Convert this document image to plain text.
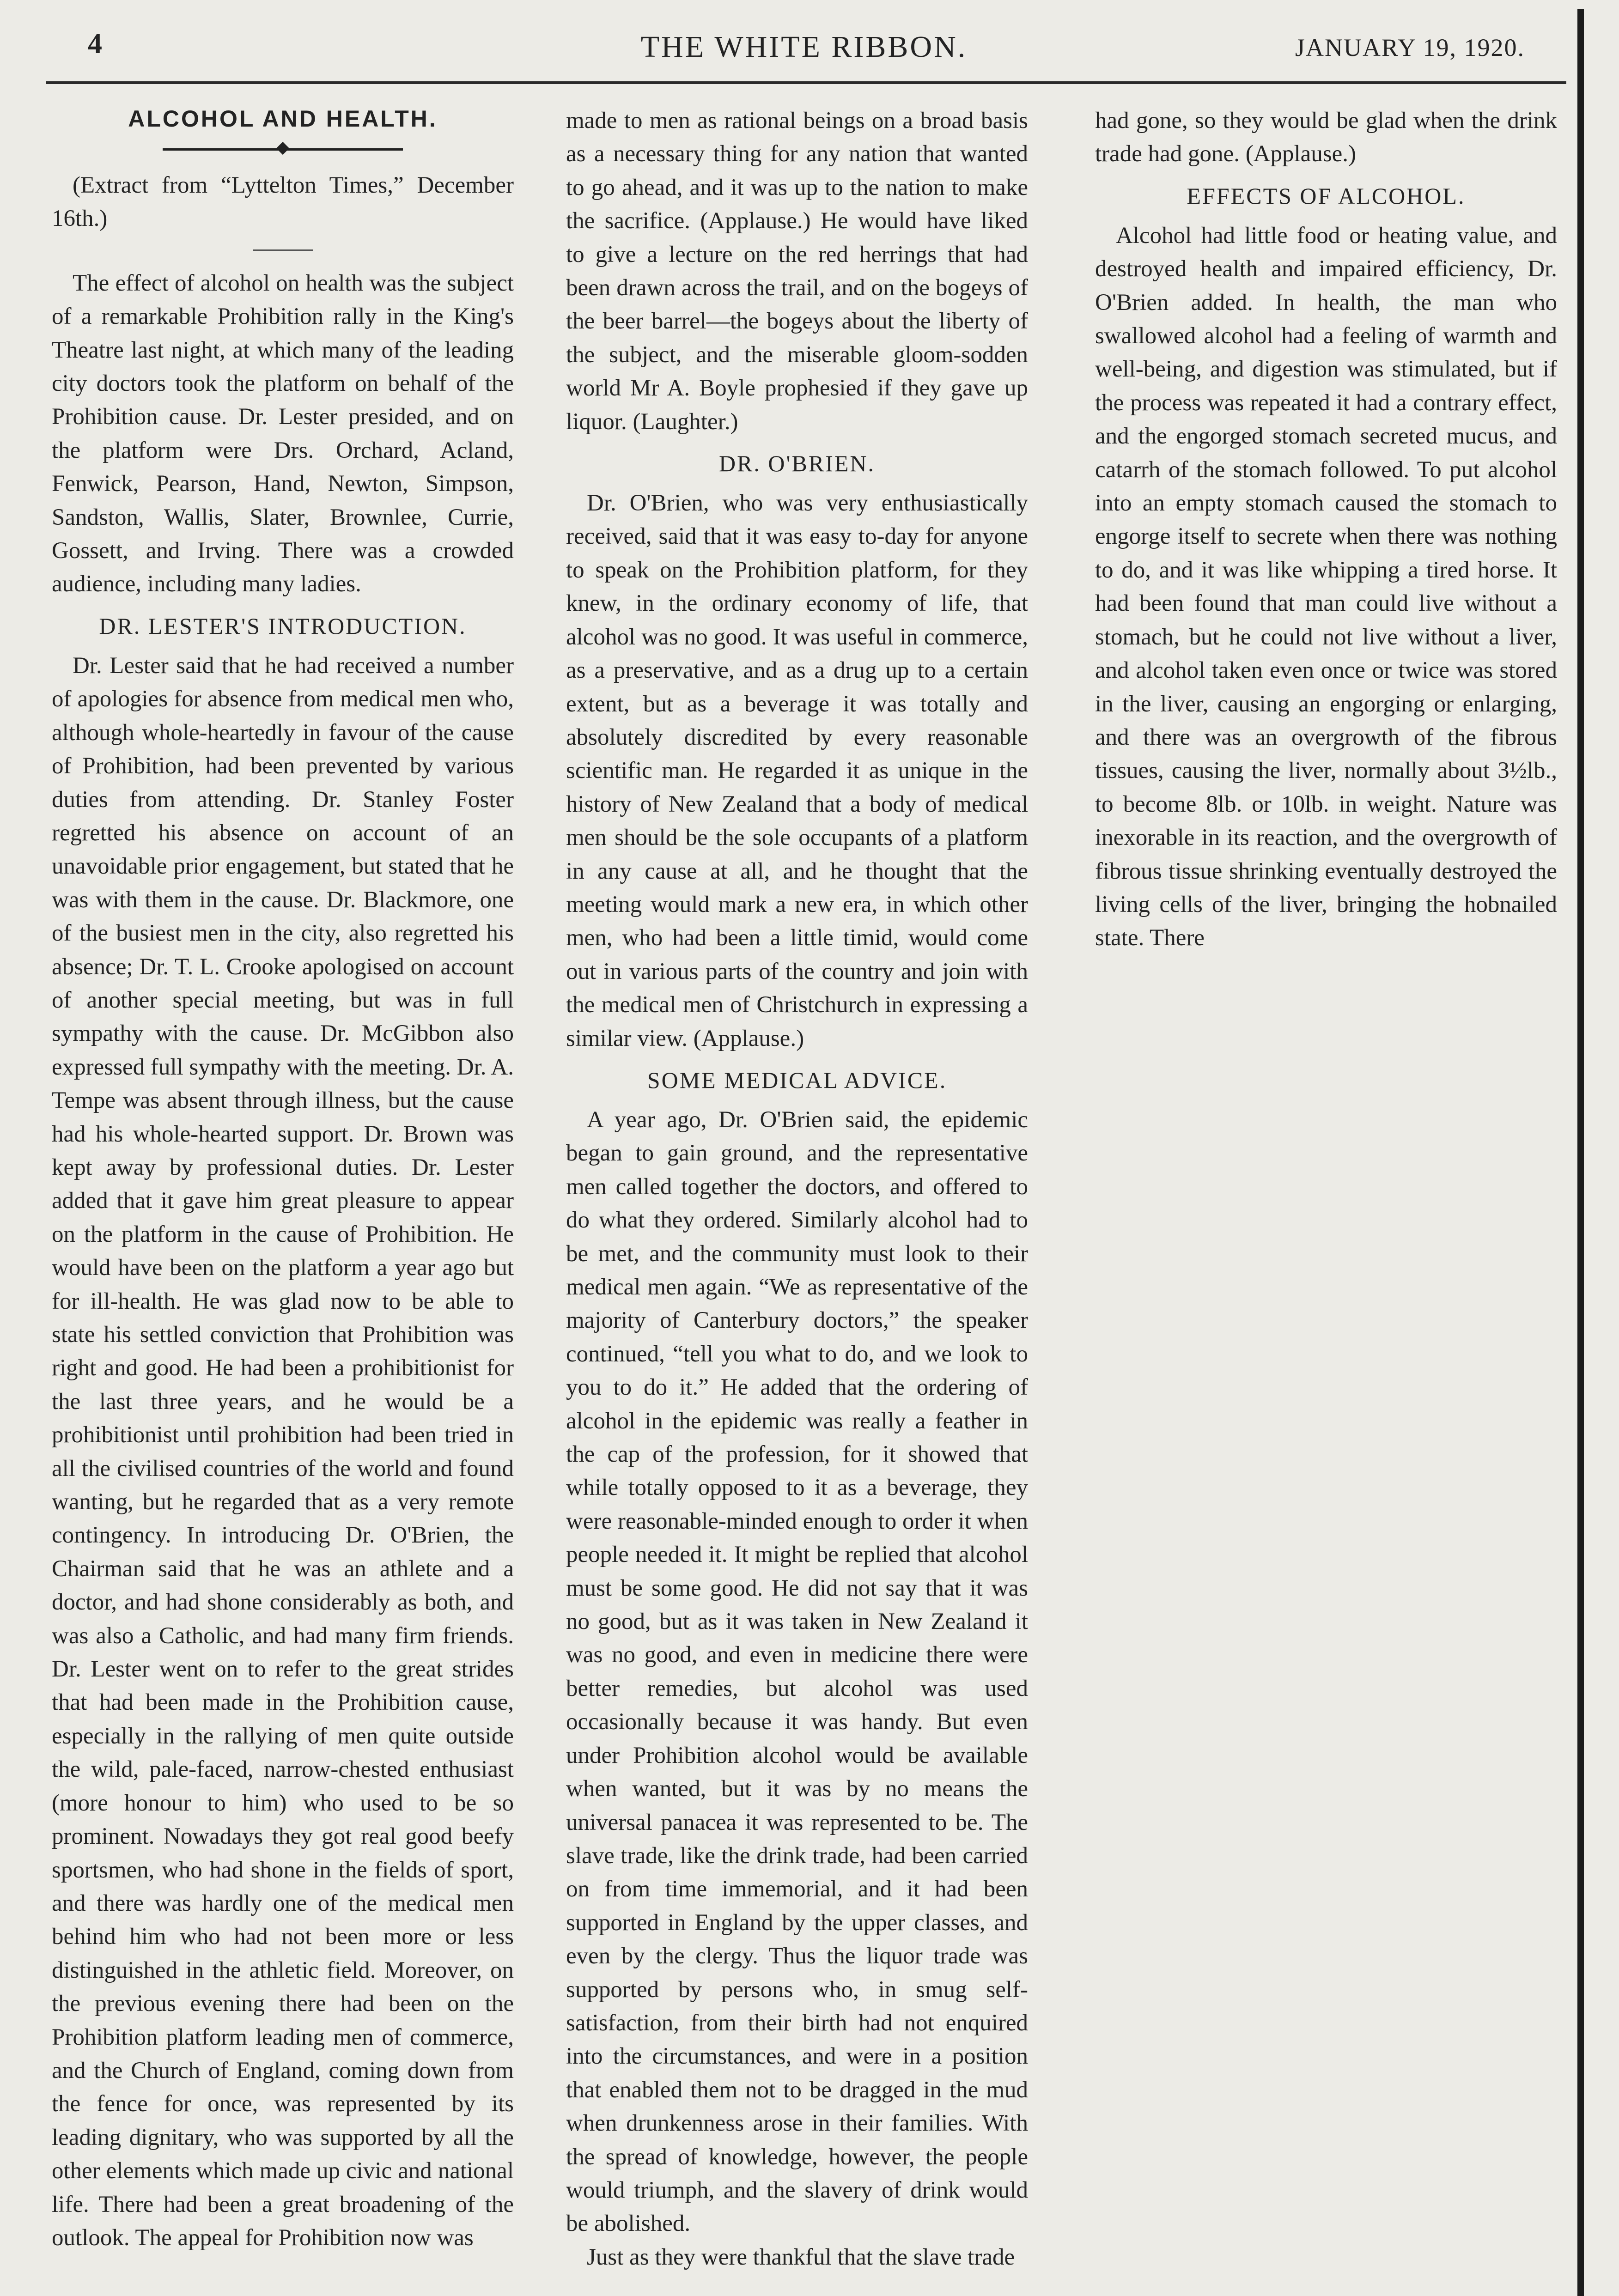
4	THE WHITE RIBBON.	JANUARY 19, 1920.
ALCOHOL AND HEALTH.

(Extract from “Lyttelton Times,” December 16th.)

The effect of alcohol on health was the subject of a remarkable Prohibition rally in the King's Theatre last night, at which many of the leading city doctors took the platform on behalf of the Prohibition cause. Dr. Lester presided, and on the platform were Drs. Orchard, Acland, Fenwick, Pearson, Hand, Newton, Simpson, Sandston, Wallis, Slater, Brownlee, Currie, Gossett, and Irving. There was a crowded audience, including many ladies.

DR. LESTER'S INTRODUCTION.

Dr. Lester said that he had received a number of apologies for absence from medical men who, although whole-heartedly in favour of the cause of Prohibition, had been prevented by various duties from attending. Dr. Stanley Foster regretted his absence on account of an unavoidable prior engagement, but stated that he was with them in the cause. Dr. Blackmore, one of the busiest men in the city, also regretted his absence; Dr. T. L. Crooke apologised on account of another special meeting, but was in full sympathy with the cause. Dr. McGibbon also expressed full sympathy with the meeting. Dr. A. Tempe was absent through illness, but the cause had his whole-hearted support. Dr. Brown was kept away by professional duties. Dr. Lester added that it gave him great pleasure to appear on the platform in the cause of Prohibition. He would have been on the platform a year ago but for ill-health. He was glad now to be able to state his settled conviction that Prohibition was right and good. He had been a prohibitionist for the last three years, and he would be a prohibitionist until prohibition had been tried in all the civilised countries of the world and found wanting, but he regarded that as a very remote contingency. In introducing Dr. O'Brien, the Chairman said that he was an athlete and a doctor, and had shone considerably as both, and was also a Catholic, and had many firm friends. Dr. Lester went on to refer to the great strides that had been made in the Prohibition cause, especially in the rallying of men quite outside the wild, pale-faced, narrow-chested enthusiast (more honour to him) who used to be so prominent. Nowadays they got real good beefy sportsmen, who had shone in the fields of sport, and there was hardly one of the medical men behind him who had not been more or less distinguished in the athletic field. Moreover, on the previous evening there had been on the Prohibition platform leading men of commerce, and the Church of England, coming down from the fence for once, was represented by its leading dignitary, who was supported by all the other elements which made up civic and national life. There had been a great broadening of the outlook. The appeal for Prohibition now was

made to men as rational beings on a broad basis as a necessary thing for any nation that wanted to go ahead, and it was up to the nation to make the sacrifice. (Applause.) He would have liked to give a lecture on the red herrings that had been drawn across the trail, and on the bogeys of the beer barrel—the bogeys about the liberty of the subject, and the miserable gloom-sodden world Mr A. Boyle prophesied if they gave up liquor. (Laughter.)

DR. O'BRIEN.

Dr. O'Brien, who was very enthusiastically received, said that it was easy to-day for anyone to speak on the Prohibition platform, for they knew, in the ordinary economy of life, that alcohol was no good. It was useful in commerce, as a preservative, and as a drug up to a certain extent, but as a beverage it was totally and absolutely discredited by every reasonable scientific man. He regarded it as unique in the history of New Zealand that a body of medical men should be the sole occupants of a platform in any cause at all, and he thought that the meeting would mark a new era, in which other men, who had been a little timid, would come out in various parts of the country and join with the medical men of Christchurch in expressing a similar view. (Applause.)

SOME MEDICAL ADVICE.

A year ago, Dr. O'Brien said, the epidemic began to gain ground, and the representative men called together the doctors, and offered to do what they ordered. Similarly alcohol had to be met, and the community must look to their medical men again. “We as representative of the majority of Canterbury doctors,” the speaker continued, “tell you what to do, and we look to you to do it.” He added that the ordering of alcohol in the epidemic was really a feather in the cap of the profession, for it showed that while totally opposed to it as a beverage, they were reasonable-minded enough to order it when people needed it. It might be replied that alcohol must be some good. He did not say that it was no good, but as it was taken in New Zealand it was no good, and even in medicine there were better remedies, but alcohol was used occasionally because it was handy. But even under Prohibition alcohol would be available when wanted, but it was by no means the universal panacea it was represented to be. The slave trade, like the drink trade, had been carried on from time immemorial, and it had been supported in England by the upper classes, and even by the clergy. Thus the liquor trade was supported by persons who, in smug self-satisfaction, from their birth had not enquired into the circumstances, and were in a position that enabled them not to be dragged in the mud when drunkenness arose in their families. With the spread of knowledge, however, the people would triumph, and the slavery of drink would be abolished.

Just as they were thankful that the slave trade

had gone, so they would be glad when the drink trade had gone. (Applause.)

EFFECTS OF ALCOHOL.

Alcohol had little food or heating value, and destroyed health and impaired efficiency, Dr. O'Brien added. In health, the man who swallowed alcohol had a feeling of warmth and well-being, and digestion was stimulated, but if the process was repeated it had a contrary effect, and the engorged stomach secreted mucus, and catarrh of the stomach followed. To put alcohol into an empty stomach caused the stomach to engorge itself to secrete when there was nothing to do, and it was like whipping a tired horse. It had been found that man could live without a stomach, but he could not live without a liver, and alcohol taken even once or twice was stored in the liver, causing an engorging or enlarging, and there was an overgrowth of the fibrous tissues, causing the liver, normally about 3½lb., to become 8lb. or 10lb. in weight. Nature was inexorable in its reaction, and the overgrowth of fibrous tissue shrinking eventually destroyed the living cells of the liver, bringing the hobnailed state. There
